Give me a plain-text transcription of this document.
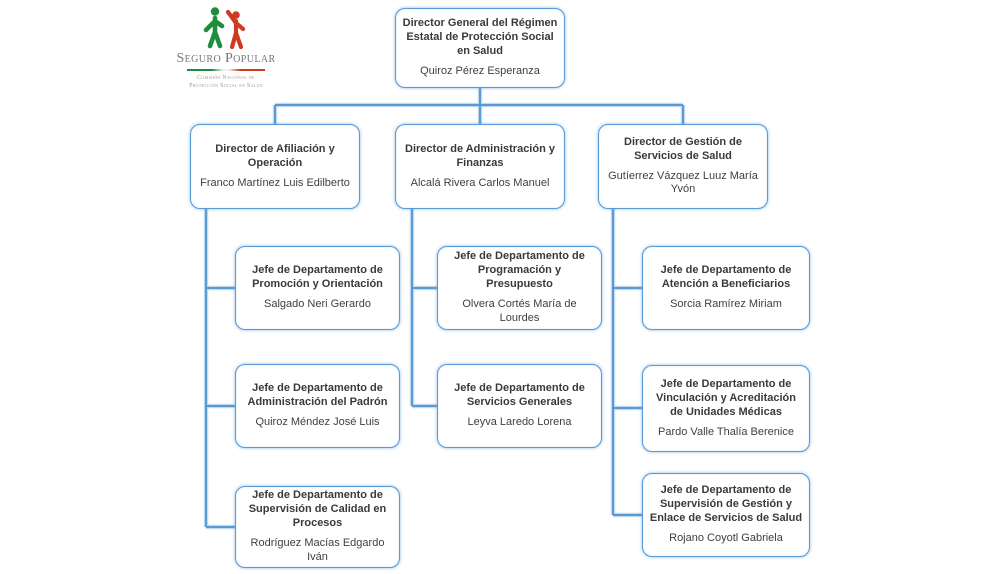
Seguro Popular
Comisión Nacional de
Protección Social en Salud
Director General del Régimen Estatal de Protección Social en Salud
Quiroz Pérez Esperanza
Director de Afiliación y Operación
Franco Martínez Luis Edilberto
Director de Administración y Finanzas
Alcalá Rivera Carlos Manuel
Director de Gestión de Servicios de Salud
Gutíerrez Vázquez Luuz María Yvón
Jefe de Departamento de Promoción y Orientación
Salgado Neri Gerardo
Jefe de Departamento de Administración del Padrón
Quiroz Méndez José Luis
Jefe de Departamento de Supervisión de Calidad en Procesos
Rodríguez Macías Edgardo Iván
Jefe de Departamento de Programación y Presupuesto
Olvera Cortés María de Lourdes
Jefe de Departamento de Servicios Generales
Leyva Laredo Lorena
Jefe de Departamento de Atención a Beneficiarios
Sorcia Ramírez Miriam
Jefe de Departamento de Vinculación y Acreditación de Unidades Médicas
Pardo Valle Thalía Berenice
Jefe de Departamento de Supervisión de Gestión y Enlace de Servicios de Salud
Rojano Coyotl Gabriela
